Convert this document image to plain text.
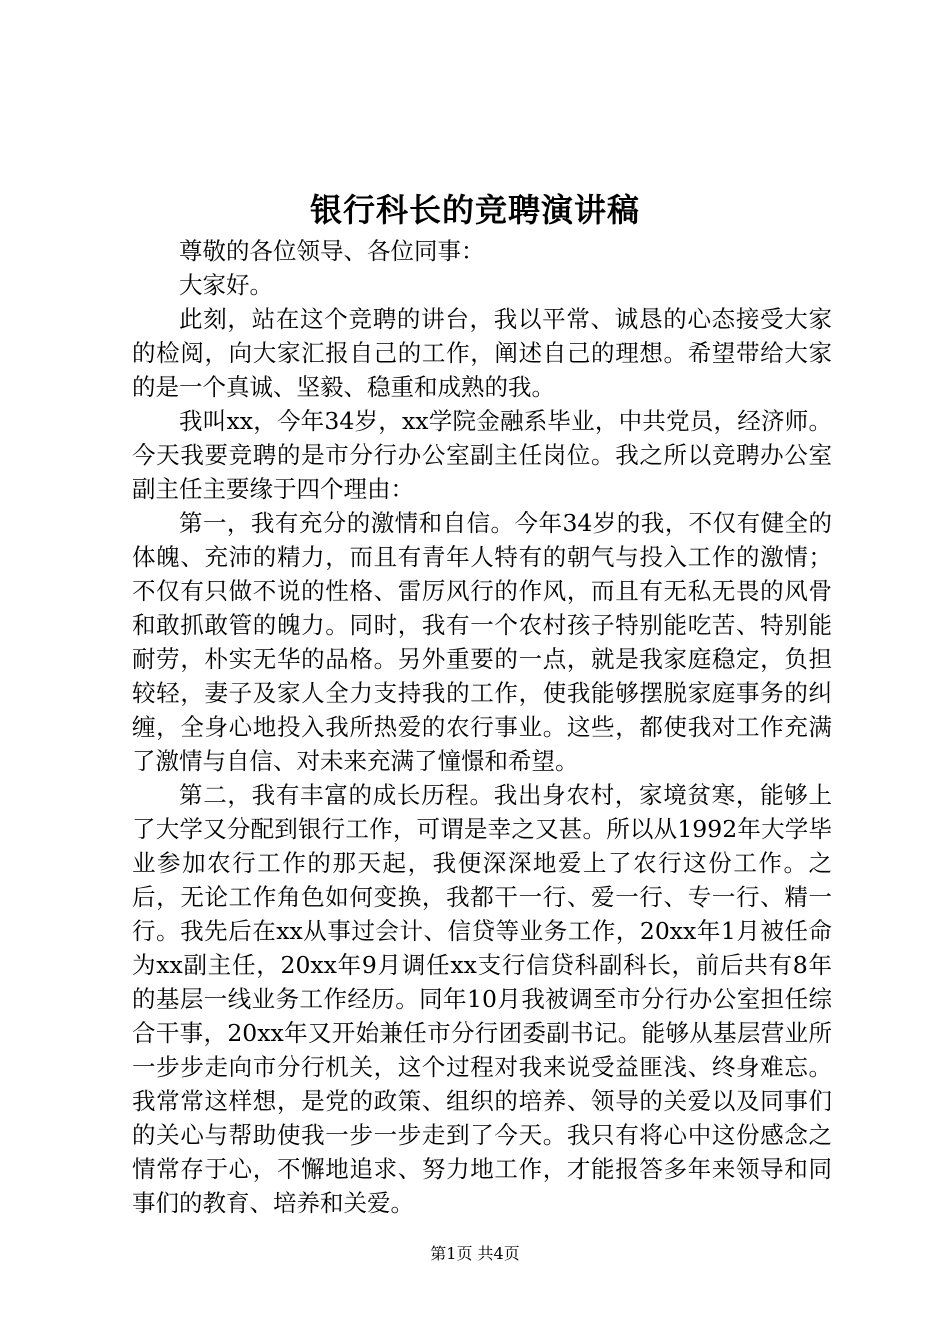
银行科长的竞聘演讲稿

尊敬的各位领导、各位同事：

大家好。

此刻，站在这个竞聘的讲台，我以平常、诚恳的心态接受大家的检阅，向大家汇报自己的工作，阐述自己的理想。希望带给大家的是一个真诚、坚毅、稳重和成熟的我。

我叫xx，今年34岁，xx学院金融系毕业，中共党员，经济师。今天我要竞聘的是市分行办公室副主任岗位。我之所以竞聘办公室副主任主要缘于四个理由：

第一，我有充分的激情和自信。今年34岁的我，不仅有健全的体魄、充沛的精力，而且有青年人特有的朝气与投入工作的激情；不仅有只做不说的性格、雷厉风行的作风，而且有无私无畏的风骨和敢抓敢管的魄力。同时，我有一个农村孩子特别能吃苦、特别能耐劳，朴实无华的品格。另外重要的一点，就是我家庭稳定，负担较轻，妻子及家人全力支持我的工作，使我能够摆脱家庭事务的纠缠，全身心地投入我所热爱的农行事业。这些，都使我对工作充满了激情与自信、对未来充满了憧憬和希望。

第二，我有丰富的成长历程。我出身农村，家境贫寒，能够上了大学又分配到银行工作，可谓是幸之又甚。所以从1992年大学毕业参加农行工作的那天起，我便深深地爱上了农行这份工作。之后，无论工作角色如何变换，我都干一行、爱一行、专一行、精一行。我先后在xx从事过会计、信贷等业务工作，20xx年1月被任命为xx副主任，20xx年9月调任xx支行信贷科副科长，前后共有8年的基层一线业务工作经历。同年10月我被调至市分行办公室担任综合干事，20xx年又开始兼任市分行团委副书记。能够从基层营业所一步步走向市分行机关，这个过程对我来说受益匪浅、终身难忘。我常常这样想，是党的政策、组织的培养、领导的关爱以及同事们的关心与帮助使我一步一步走到了今天。我只有将心中这份感念之情常存于心，不懈地追求、努力地工作，才能报答多年来领导和同事们的教育、培养和关爱。

第1页 共4页
